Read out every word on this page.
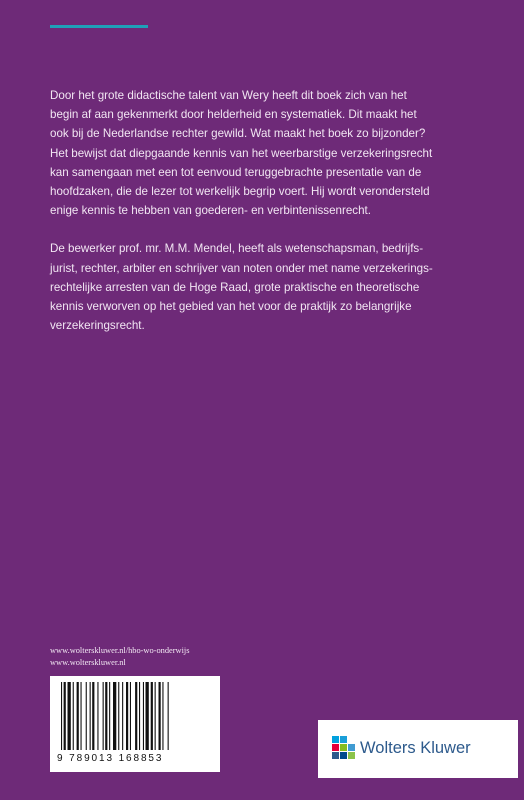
Door het grote didactische talent van Wery heeft dit boek zich van het
begin af aan gekenmerkt door helderheid en systematiek. Dit maakt het
ook bij de Nederlandse rechter gewild. Wat maakt het boek zo bijzonder?
Het bewijst dat diepgaande kennis van het weerbarstige verzekeringsrecht
kan samengaan met een tot eenvoud teruggebrachte presentatie van de
hoofdzaken, die de lezer tot werkelijk begrip voert. Hij wordt verondersteld
enige kennis te hebben van goederen- en verbintenissenrecht.

De bewerker prof. mr. M.M. Mendel, heeft als wetenschapsman, bedrijfs-
jurist, rechter, arbiter en schrijver van noten onder met name verzekerings-
rechtelijke arresten van de Hoge Raad, grote praktische en theoretische
kennis verworven op het gebied van het voor de praktijk zo belangrijke
verzekeringsrecht.

www.wolterskluwer.nl/hbo-wo-onderwijs
www.wolterskluwer.nl
9 789013 168853
Wolters Kluwer
